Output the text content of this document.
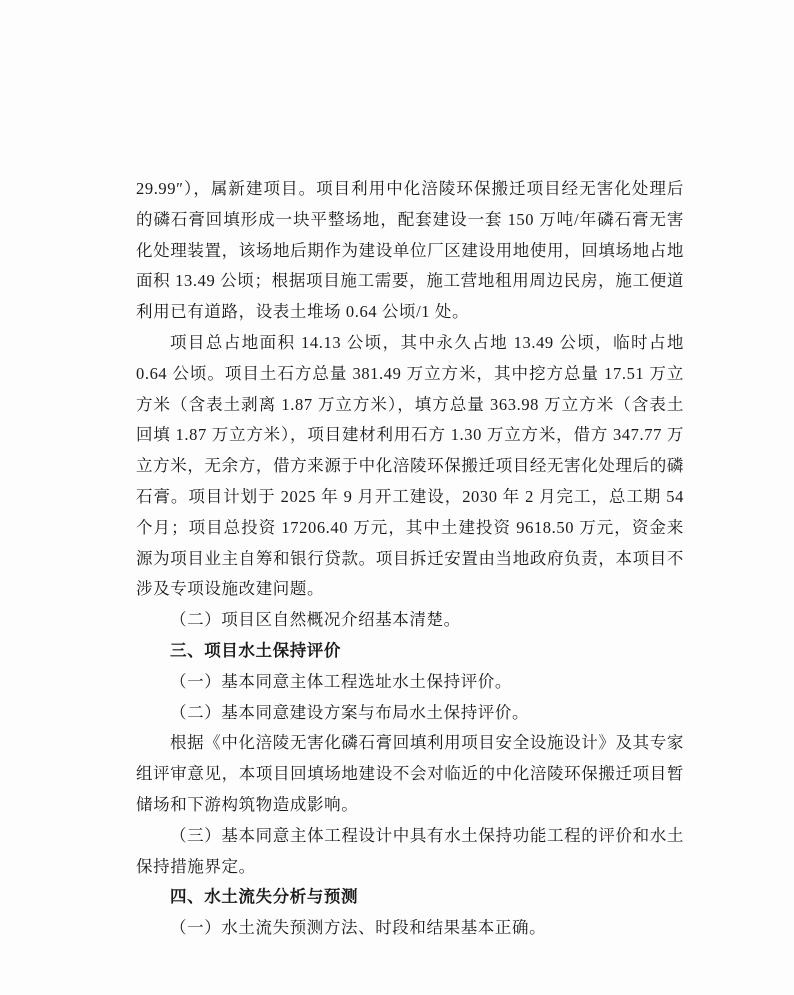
29.99″），属新建项目。项目利用中化涪陵环保搬迁项目经无害化处理后的磷石膏回填形成一块平整场地，配套建设一套 150 万吨/年磷石膏无害化处理装置，该场地后期作为建设单位厂区建设用地使用，回填场地占地面积 13.49 公顷；根据项目施工需要，施工营地租用周边民房，施工便道利用已有道路，设表土堆场 0.64 公顷/1 处。

项目总占地面积 14.13 公顷，其中永久占地 13.49 公顷，临时占地 0.64 公顷。项目土石方总量 381.49 万立方米，其中挖方总量 17.51 万立方米（含表土剥离 1.87 万立方米），填方总量 363.98 万立方米（含表土回填 1.87 万立方米），项目建材利用石方 1.30 万立方米，借方 347.77 万立方米，无余方，借方来源于中化涪陵环保搬迁项目经无害化处理后的磷石膏。项目计划于 2025 年 9 月开工建设，2030 年 2 月完工，总工期 54 个月；项目总投资 17206.40 万元，其中土建投资 9618.50 万元，资金来源为项目业主自筹和银行贷款。项目拆迁安置由当地政府负责，本项目不涉及专项设施改建问题。

（二）项目区自然概况介绍基本清楚。

三、项目水土保持评价

（一）基本同意主体工程选址水土保持评价。

（二）基本同意建设方案与布局水土保持评价。

根据《中化涪陵无害化磷石膏回填利用项目安全设施设计》及其专家组评审意见，本项目回填场地建设不会对临近的中化涪陵环保搬迁项目暂储场和下游构筑物造成影响。

（三）基本同意主体工程设计中具有水土保持功能工程的评价和水土保持措施界定。

四、水土流失分析与预测

（一）水土流失预测方法、时段和结果基本正确。
